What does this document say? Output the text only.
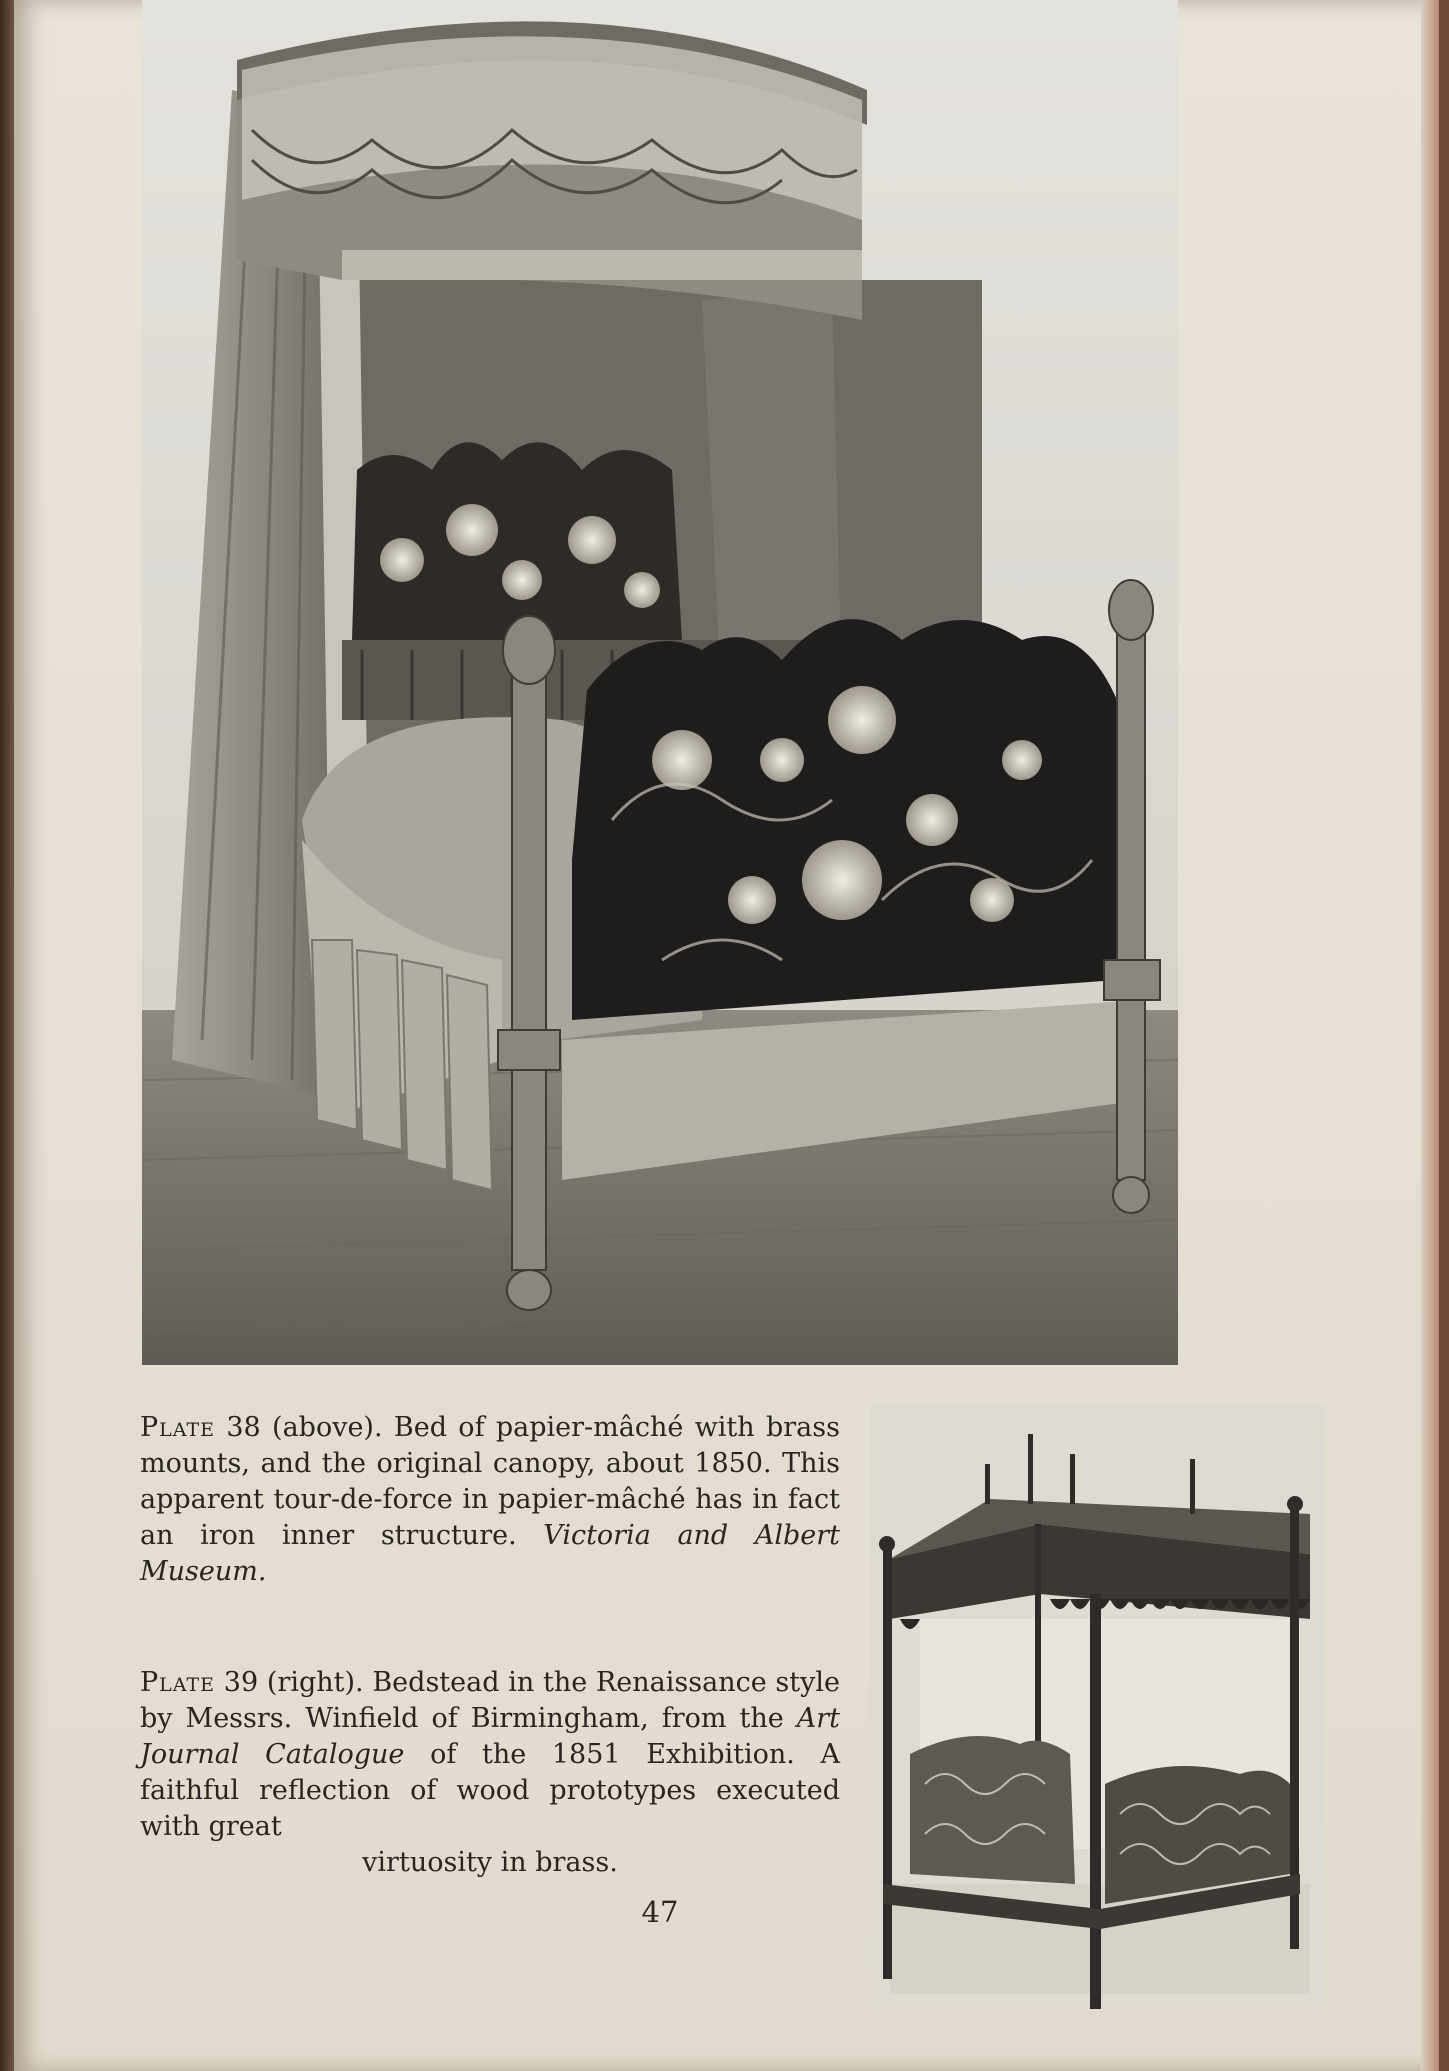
Plate 38 (above). Bed of papier-mâché with brass mounts, and the original canopy, about 1850. This apparent tour-de-force in papier-mâché has in fact an iron inner structure. Victoria and Albert Museum.
Plate 39 (right). Bedstead in the Renaissance style by Messrs. Winfield of Birmingham, from the Art Journal Catalogue of the 1851 Exhibition. A faithful reflection of wood prototypes executed with great
virtuosity in brass.
47
